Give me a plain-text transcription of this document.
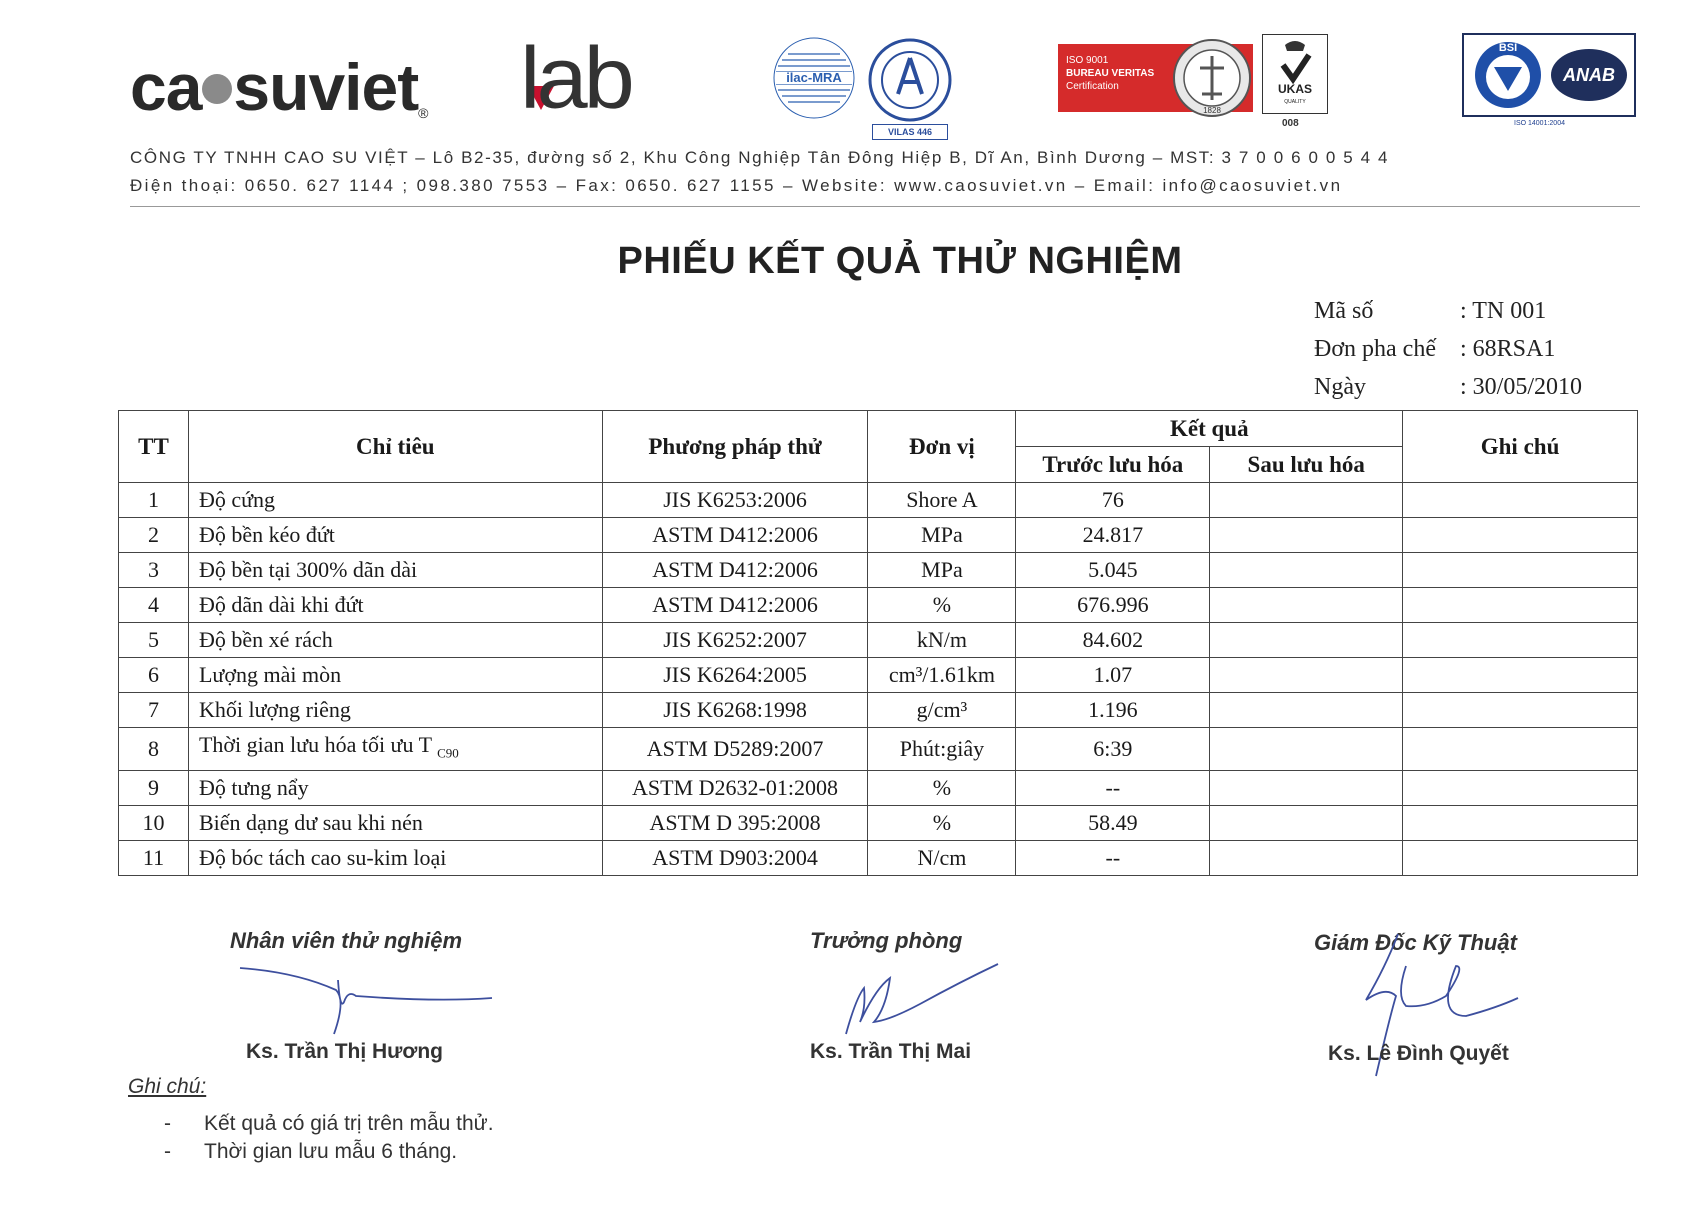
ca suviet® lab	ilac-MRA
VILAS 446
ISO 9001
BUREAU VERITAS
Certification
1828
UKAS
QUALITY
008
BSI
ANAB
ISO 14001:2004
CÔNG TY TNHH CAO SU VIỆT – Lô B2-35, đường số 2, Khu Công Nghiệp Tân Đông Hiệp B, Dĩ An, Bình Dương – MST: 3 7 0 0 6 0 0 5 4 4
Điện thoại: 0650. 627 1144 ; 098.380 7553 – Fax: 0650. 627 1155 – Website: www.caosuviet.vn – Email: info@caosuviet.vn
PHIẾU KẾT QUẢ THỬ NGHIỆM
Mã số	: TN 001
Đơn pha chế : 68RSA1
Ngày	: 30/05/2010
TT	Chỉ tiêu	Phương pháp thử	Đơn vị	Kết quả		Ghi chú
				Trước lưu hóa	Sau lưu hóa	
1	Độ cứng	JIS K6253:2006	Shore A	76		
2	Độ bền kéo đứt	ASTM D412:2006	MPa	24.817		
3	Độ bền tại 300% dãn dài	ASTM D412:2006	MPa	5.045		
4	Độ dãn dài khi đứt	ASTM D412:2006	%	676.996		
5	Độ bền xé rách	JIS K6252:2007	kN/m	84.602		
6	Lượng mài mòn	JIS K6264:2005	cm³/1.61km	1.07		
7	Khối lượng riêng	JIS K6268:1998	g/cm³	1.196		
8	Thời gian lưu hóa tối ưu T $_{C90}$	ASTM D5289:2007	Phút:giây	6:39		
9	Độ tưng nẩy	ASTM D2632-01:2008	%	--		
10	Biến dạng dư sau khi nén	ASTM D 395:2008	%	58.49		
11	Độ bóc tách cao su-kim loại	ASTM D903:2004	N/cm	--		
Nhân viên thử nghiệm
Ks. Trần Thị Hương
Trưởng phòng
Ks. Trần Thị Mai
Giám Đốc Kỹ Thuật
Ks. Lê Đình Quyết
Ghi chú:
- Kết quả có giá trị trên mẫu thử.
- Thời gian lưu mẫu 6 tháng.
